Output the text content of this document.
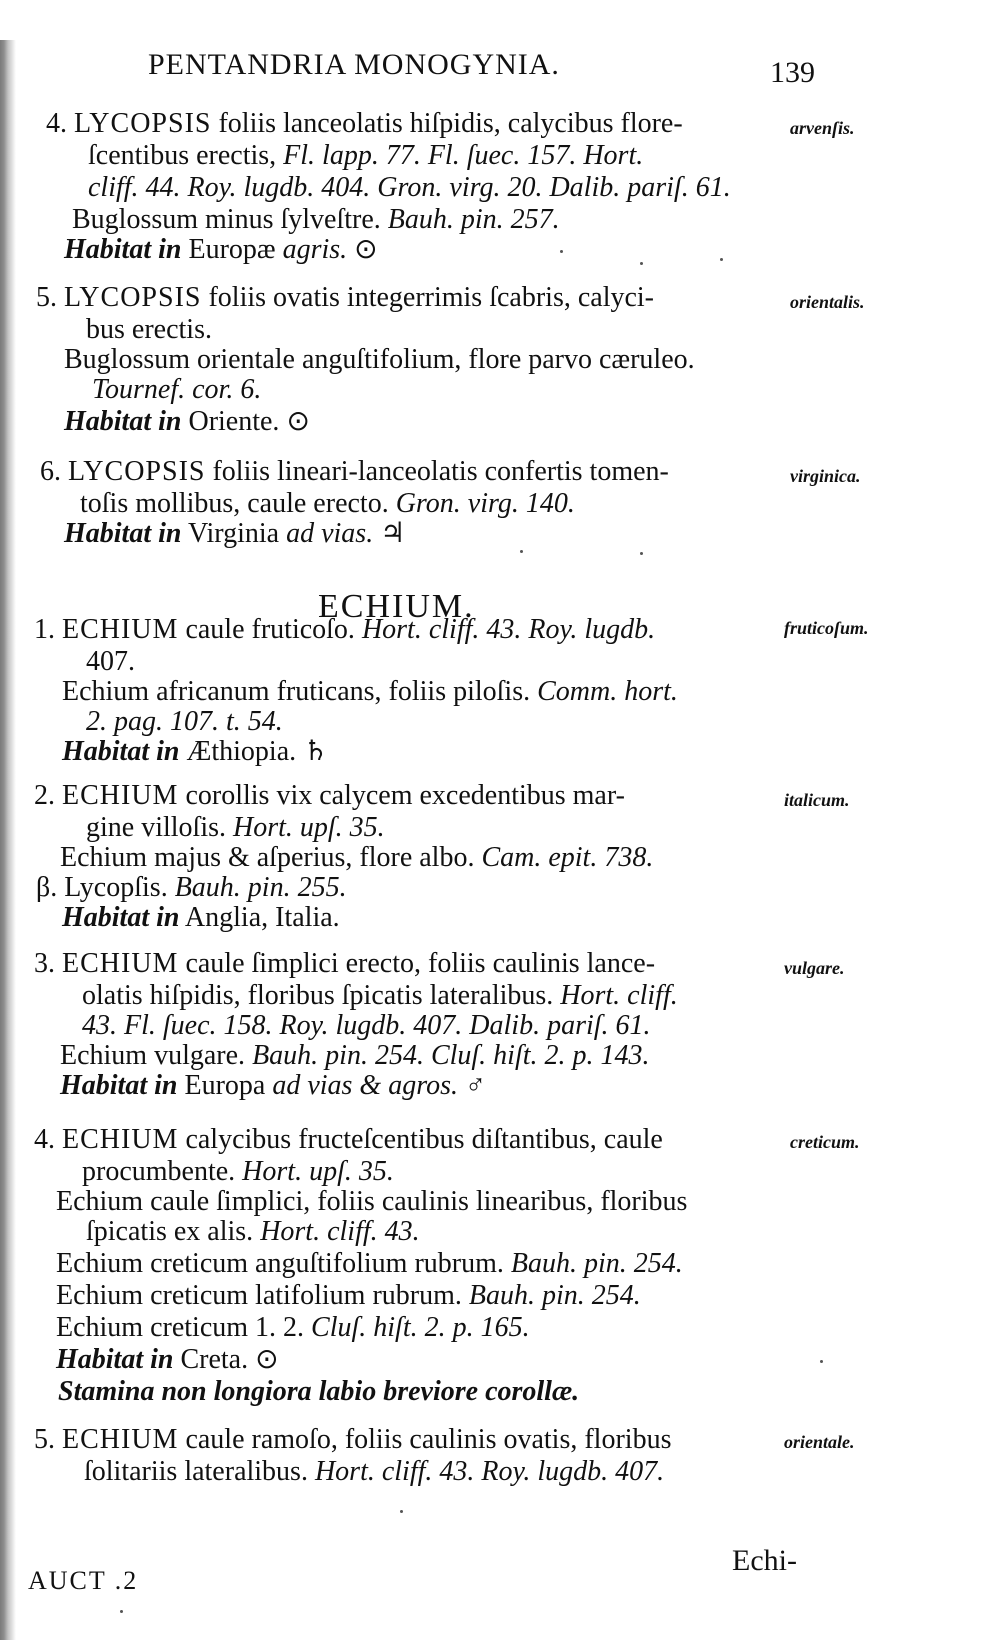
PENTANDRIA MONOGYNIA.	139
4. LYCOPSIS foliis lanceolatis hiſpidis, calycibus flore-	arvenſis.
ſcentibus erectis, Fl. lapp. 77. Fl. ſuec. 157. Hort.
cliff. 44. Roy. lugdb. 404. Gron. virg. 20. Dalib. pariſ. 61.
Buglossum minus ſylveſtre. Bauh. pin. 257.
Habitat in Europæ agris. ⊙
5. LYCOPSIS foliis ovatis integerrimis ſcabris, calyci-	orientalis.
bus erectis.
Buglossum orientale anguſtifolium, flore parvo cæruleo.
Tournef. cor. 6.
Habitat in Oriente. ⊙
6. LYCOPSIS foliis lineari-lanceolatis confertis tomen-	virginica.
toſis mollibus, caule erecto. Gron. virg. 140.
Habitat in Virginia ad vias. ♃
ECHIUM.
1. ECHIUM caule fruticoſo. Hort. cliff. 43. Roy. lugdb.	fruticoſum.
407.
Echium africanum fruticans, foliis piloſis. Comm. hort.
2. pag. 107. t. 54.
Habitat in Æthiopia. ♄
2. ECHIUM corollis vix calycem excedentibus mar-	italicum.
gine villoſis. Hort. upſ. 35.
Echium majus & aſperius, flore albo. Cam. epit. 738.
β. Lycopſis. Bauh. pin. 255.
Habitat in Anglia, Italia.
3. ECHIUM caule ſimplici erecto, foliis caulinis lance-	vulgare.
olatis hiſpidis, floribus ſpicatis lateralibus. Hort. cliff.
43. Fl. ſuec. 158. Roy. lugdb. 407. Dalib. pariſ. 61.
Echium vulgare. Bauh. pin. 254. Cluſ. hiſt. 2. p. 143.
Habitat in Europa ad vias & agros. ♂
4. ECHIUM calycibus fructeſcentibus diſtantibus, caule	creticum.
procumbente. Hort. upſ. 35.
Echium caule ſimplici, foliis caulinis linearibus, floribus
ſpicatis ex alis. Hort. cliff. 43.
Echium creticum anguſtifolium rubrum. Bauh. pin. 254.
Echium creticum latifolium rubrum. Bauh. pin. 254.
Echium creticum 1. 2. Cluſ. hiſt. 2. p. 165.
Habitat in Creta. ⊙
Stamina non longiora labio breviore corollæ.
5. ECHIUM caule ramoſo, foliis caulinis ovatis, floribus	orientale.
ſolitariis lateralibus. Hort. cliff. 43. Roy. lugdb. 407.
AUCT .2
Echi-
